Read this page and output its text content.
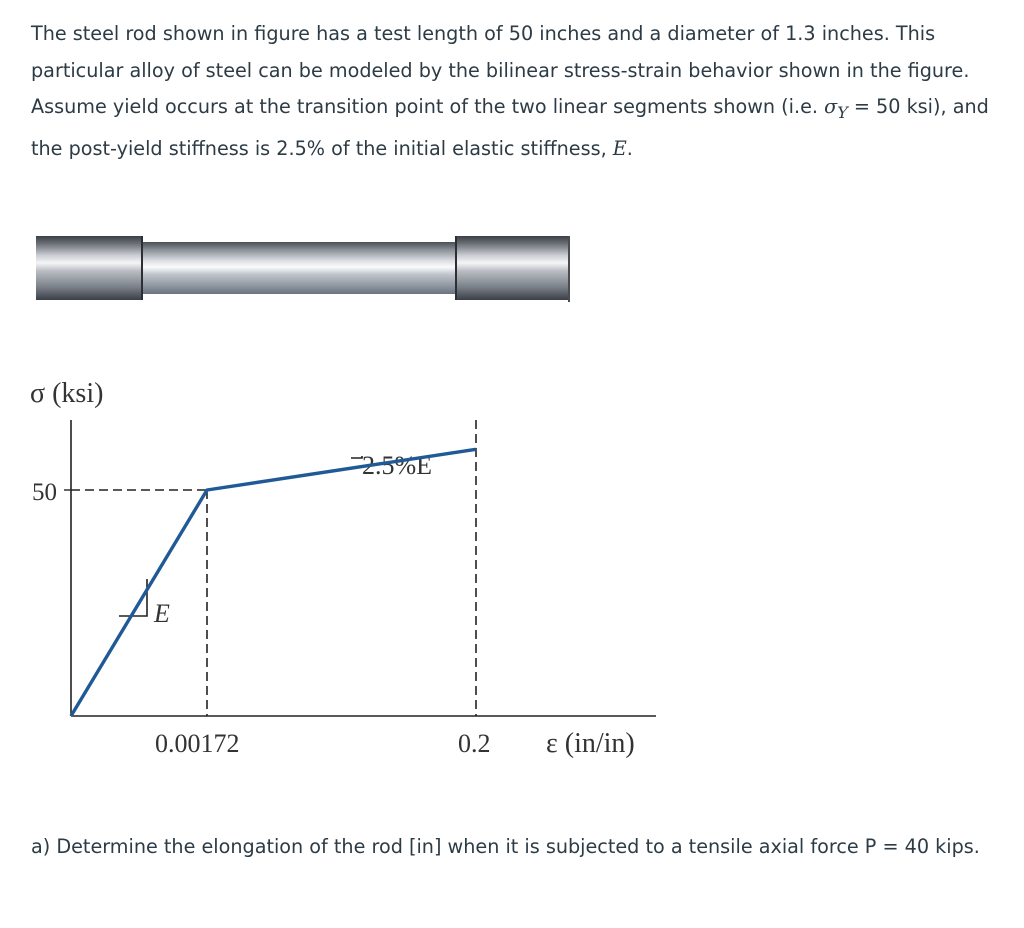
The steel rod shown in figure has a test length of 50 inches and a diameter of 1.3 inches. This particular alloy of steel can be modeled by the bilinear stress-strain behavior shown in the figure. Assume yield occurs at the transition point of the two linear segments shown (i.e. $\sigma_Y = 50$ ksi), and the post-yield stiffness is 2.5% of the initial elastic stiffness, E.

σ (ksi)
50
E
2.5%E
0.00172	0.2 ε (in/in)

a) Determine the elongation of the rod [in] when it is subjected to a tensile axial force P = 40 kips.
